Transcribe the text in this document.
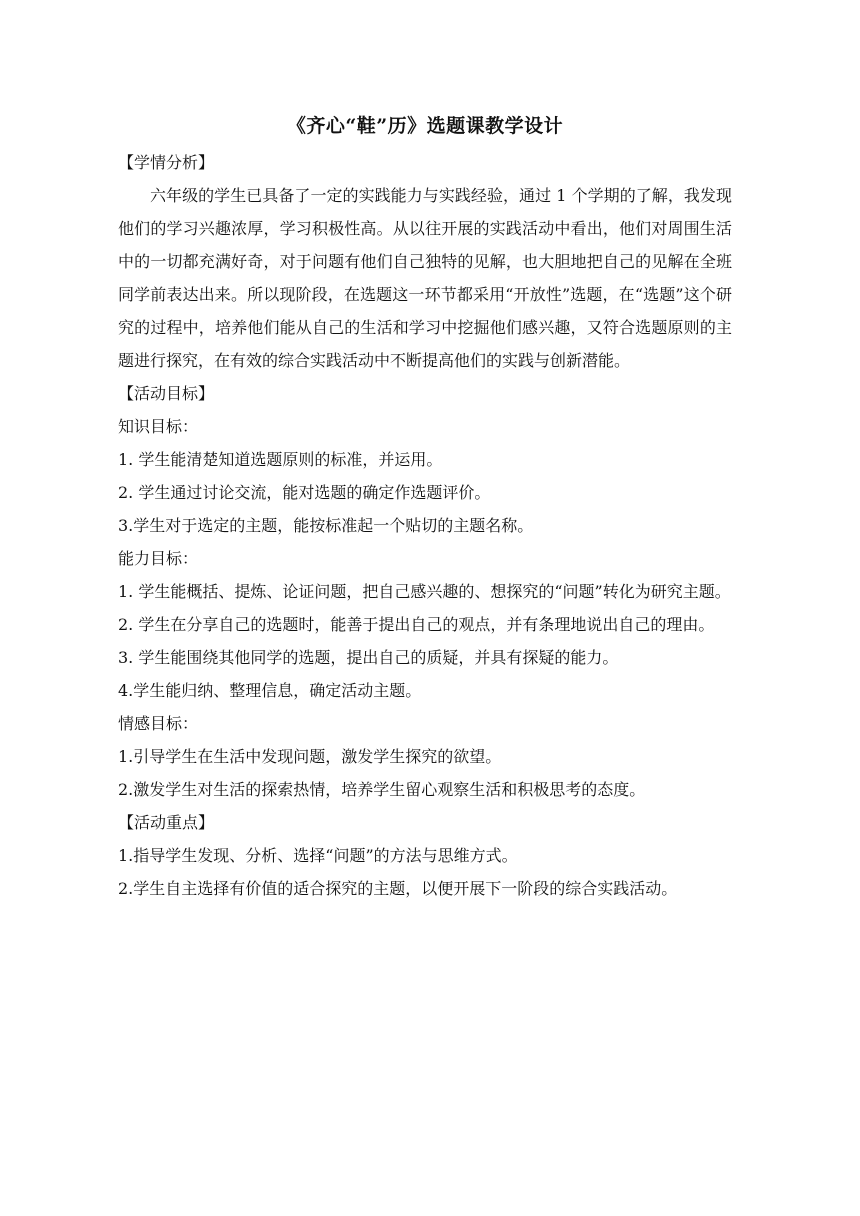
《齐心“鞋”历》选题课教学设计

【学情分析】

六年级的学生已具备了一定的实践能力与实践经验，通过 1 个学期的了解，我发现他们的学习兴趣浓厚，学习积极性高。从以往开展的实践活动中看出，他们对周围生活中的一切都充满好奇，对于问题有他们自己独特的见解，也大胆地把自己的见解在全班同学前表达出来。所以现阶段，在选题这一环节都采用“开放性”选题，在“选题”这个研究的过程中，培养他们能从自己的生活和学习中挖掘他们感兴趣，又符合选题原则的主题进行探究，在有效的综合实践活动中不断提高他们的实践与创新潜能。

【活动目标】

知识目标：

1. 学生能清楚知道选题原则的标准，并运用。

2. 学生通过讨论交流，能对选题的确定作选题评价。

3.学生对于选定的主题，能按标准起一个贴切的主题名称。

能力目标：

1. 学生能概括、提炼、论证问题，把自己感兴趣的、想探究的“问题”转化为研究主题。

2. 学生在分享自己的选题时，能善于提出自己的观点，并有条理地说出自己的理由。

3. 学生能围绕其他同学的选题，提出自己的质疑，并具有探疑的能力。

4.学生能归纳、整理信息，确定活动主题。

情感目标：

1.引导学生在生活中发现问题，激发学生探究的欲望。

2.激发学生对生活的探索热情，培养学生留心观察生活和积极思考的态度。

【活动重点】

1.指导学生发现、分析、选择“问题”的方法与思维方式。

2.学生自主选择有价值的适合探究的主题，以便开展下一阶段的综合实践活动。
